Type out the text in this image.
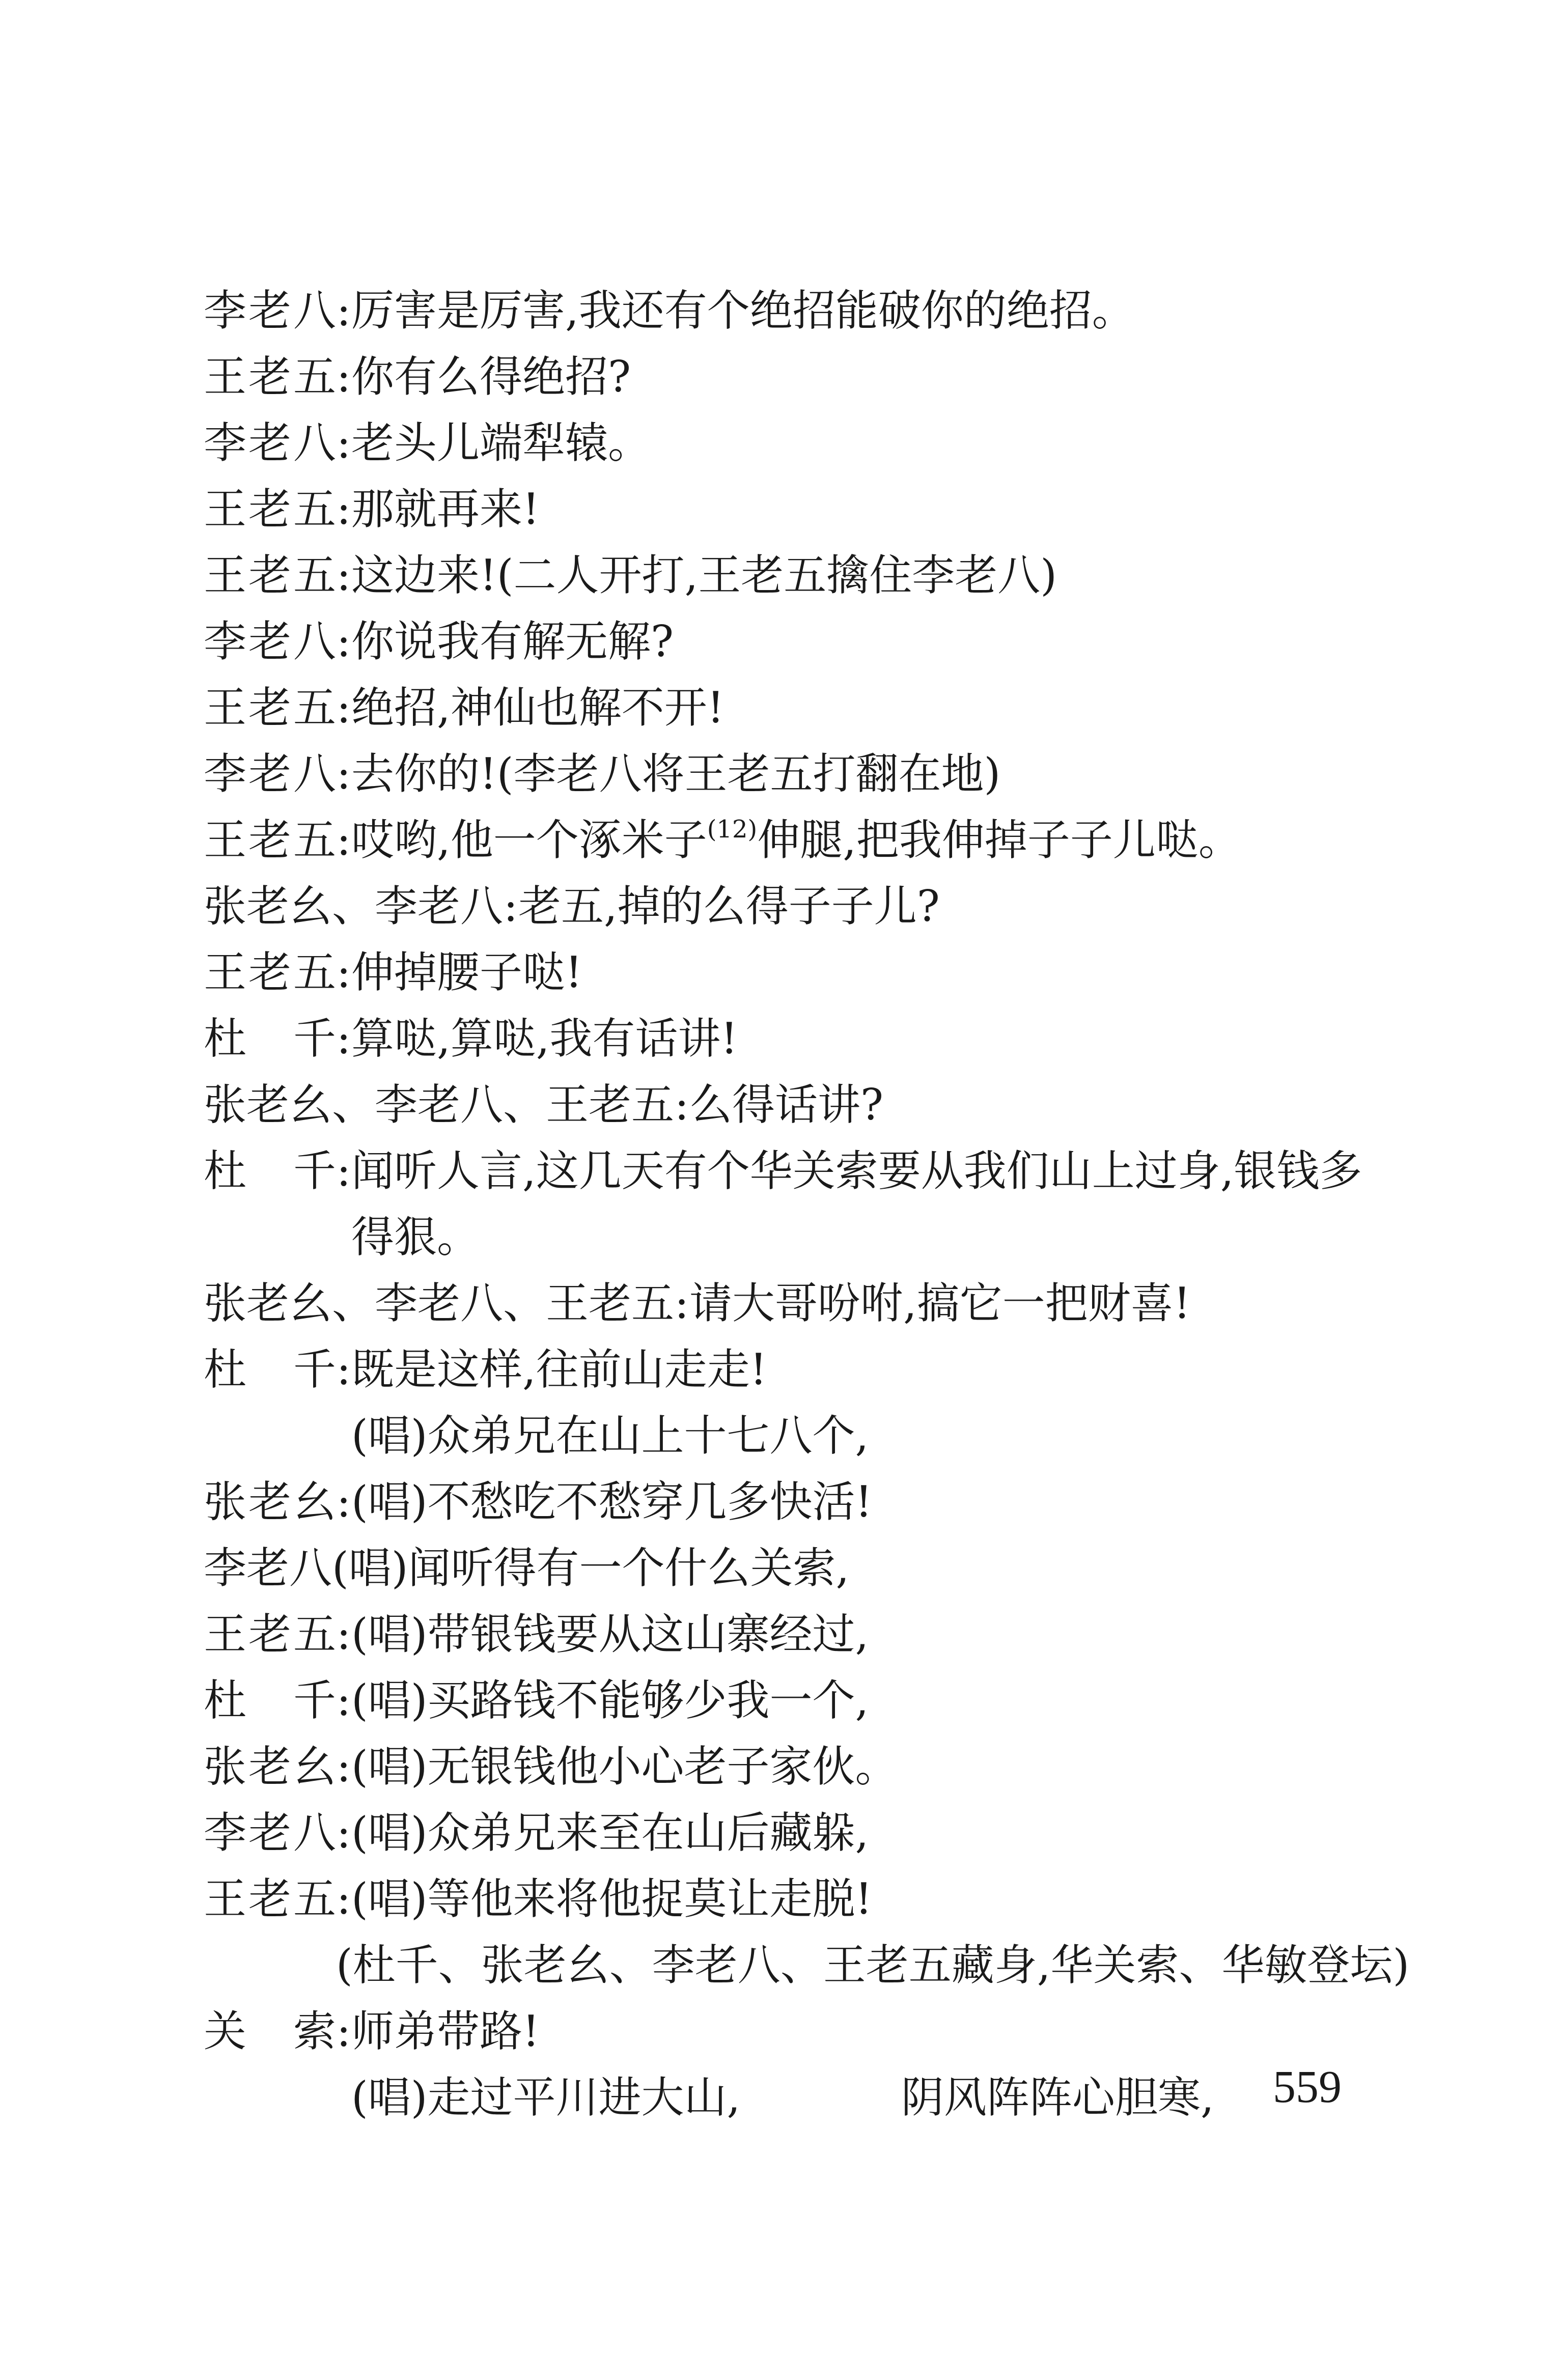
李老八:厉害是厉害,我还有个绝招能破你的绝招。
王老五:你有么得绝招?
李老八:老头儿端犁辕。
王老五:那就再来!
王老五:这边来!(二人开打,王老五擒住李老八)
李老八:你说我有解无解?
王老五:绝招,神仙也解不开!
李老八:去你的!(李老八将王老五打翻在地)
王老五:哎哟,他一个涿米子$^{(12)}$伸腿,把我伸掉子子儿哒。
张老幺、李老八:老五,掉的么得子子儿?
王老五:伸掉腰子哒!
杜　千:算哒,算哒,我有话讲!
张老幺、李老八、王老五:么得话讲?
杜　千:闻听人言,这几天有个华关索要从我们山上过身,银钱多
得狠。
张老幺、李老八、王老五:请大哥吩咐,搞它一把财喜!
杜　千:既是这样,往前山走走!
(唱)众弟兄在山上十七八个,
张老幺:(唱)不愁吃不愁穿几多快活!
李老八(唱)闻听得有一个什么关索,
王老五:(唱)带银钱要从这山寨经过,
杜　千:(唱)买路钱不能够少我一个,
张老幺:(唱)无银钱他小心老子家伙。
李老八:(唱)众弟兄来至在山后藏躲,
王老五:(唱)等他来将他捉莫让走脱!
(杜千、张老幺、李老八、王老五藏身,华关索、华敏登坛)
关　索:师弟带路!
(唱)走过平川进大山,	阴风阵阵心胆寒, 559
